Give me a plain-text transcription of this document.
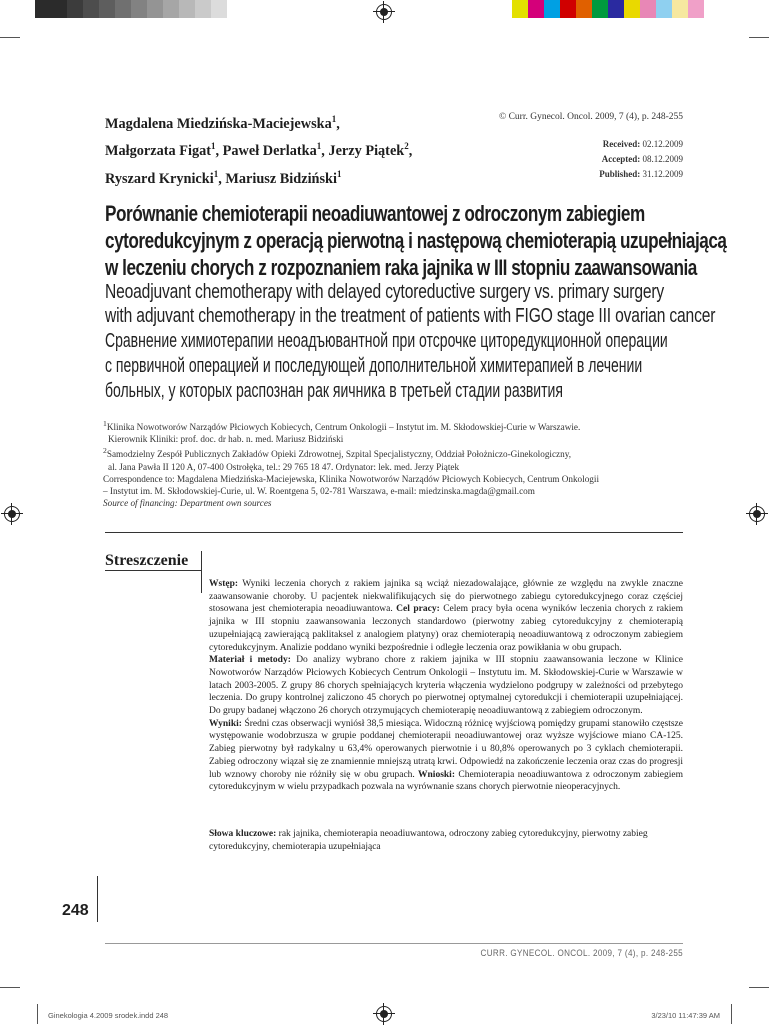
Magdalena Miedzińska-Maciejewska$^1$,
Małgorzata Figat$^1$, Paweł Derlatka$^1$, Jerzy Piątek$^2$,
Ryszard Krynicki$^1$, Mariusz Bidziński$^1$
© Curr. Gynecol. Oncol. 2009, 7 (4), p. 248-255
Received: 02.12.2009
Accepted: 08.12.2009
Published: 31.12.2009
Porównanie chemioterapii neoadiuwantowej z odroczonym zabiegiem
cytoredukcyjnym z operacją pierwotną i następową chemioterapią uzupełniającą
w leczeniu chorych z rozpoznaniem raka jajnika w III stopniu zaawansowania
Neoadjuvant chemotherapy with delayed cytoreductive surgery vs. primary surgery
with adjuvant chemotherapy in the treatment of patients with FIGO stage III ovarian cancer
Сравнение химиотерапии неоадъювантной при отсрочке циторедукционной операции
с первичной операцией и последующей дополнительной химитерапией в лечении
больных, у которых распознан рак яичника в третьей стадии развития

$^1$Klinika Nowotworów Narządów Płciowych Kobiecych, Centrum Onkologii – Instytut im. M. Skłodowskiej-Curie w Warszawie.

Kierownik Kliniki: prof. doc. dr hab. n. med. Mariusz Bidziński

$^2$Samodzielny Zespół Publicznych Zakładów Opieki Zdrowotnej, Szpital Specjalistyczny, Oddział Położniczo-Ginekologiczny,

al. Jana Pawła II 120 A, 07-400 Ostrołęka, tel.: 29 765 18 47. Ordynator: lek. med. Jerzy Piątek

Correspondence to: Magdalena Miedzińska-Maciejewska, Klinika Nowotworów Narządów Płciowych Kobiecych, Centrum Onkologii

– Instytut im. M. Skłodowskiej-Curie, ul. W. Roentgena 5, 02-781 Warszawa, e-mail: miedzinska.magda@gmail.com

Source of financing: Department own sources

Streszczenie

Wstęp: Wyniki leczenia chorych z rakiem jajnika są wciąż niezadowalające, głównie ze względu na zwykle znaczne zaawansowanie choroby. U pacjentek niekwalifikujących się do pierwotnego zabiegu cytoredukcyjnego coraz częściej stosowana jest chemioterapia neoadiuwantowa. Cel pracy: Celem pracy była ocena wyników leczenia chorych z rakiem jajnika w III stopniu zaawansowania leczonych standardowo (pierwotny zabieg cytoredukcyjny z chemioterapią uzupełniającą zawierającą paklitaksel z analogiem platyny) oraz chemioterapią neoadiuwantową z odroczonym zabiegiem cytoredukcyjnym. Analizie poddano wyniki bezpośrednie i odległe leczenia oraz powikłania w obu grupach.

Materiał i metody: Do analizy wybrano chore z rakiem jajnika w III stopniu zaawansowania leczone w Klinice Nowotworów Narządów Płciowych Kobiecych Centrum Onkologii – Instytutu im. M. Skłodowskiej-Curie w Warszawie w latach 2003-2005. Z grupy 86 chorych spełniających kryteria włączenia wydzielono podgrupy w zależności od przebytego leczenia. Do grupy kontrolnej zaliczono 45 chorych po pierwotnej optymalnej cytoredukcji i chemioterapii uzupełniającej. Do grupy badanej włączono 26 chorych otrzymujących chemioterapię neoadiuwantową z zabiegiem odroczonym.

Wyniki: Średni czas obserwacji wyniósł 38,5 miesiąca. Widoczną różnicę wyjściową pomiędzy grupami stanowiło częstsze występowanie wodobrzusza w grupie poddanej chemioterapii neoadiuwantowej oraz wyższe wyjściowe miano CA-125. Zabieg pierwotny był radykalny u 63,4% operowanych pierwotnie i u 80,8% operowanych po 3 cyklach chemioterapii. Zabieg odroczony wiązał się ze znamiennie mniejszą utratą krwi. Odpowiedź na zakończenie leczenia oraz czas do progresji lub wznowy choroby nie różniły się w obu grupach. Wnioski: Chemioterapia neoadiuwantowa z odroczonym zabiegiem cytoredukcyjnym w wielu przypadkach pozwala na wyrównanie szans chorych pierwotnie nieoperacyjnych.

Słowa kluczowe: rak jajnika, chemioterapia neoadiuwantowa, odroczony zabieg cytoredukcyjny, pierwotny zabieg cytoredukcyjny, chemioterapia uzupełniająca
248
CURR. GYNECOL. ONCOL. 2009, 7 (4), p. 248-255
Ginekologia 4.2009 srodek.indd 248	3/23/10 11:47:39 AM
